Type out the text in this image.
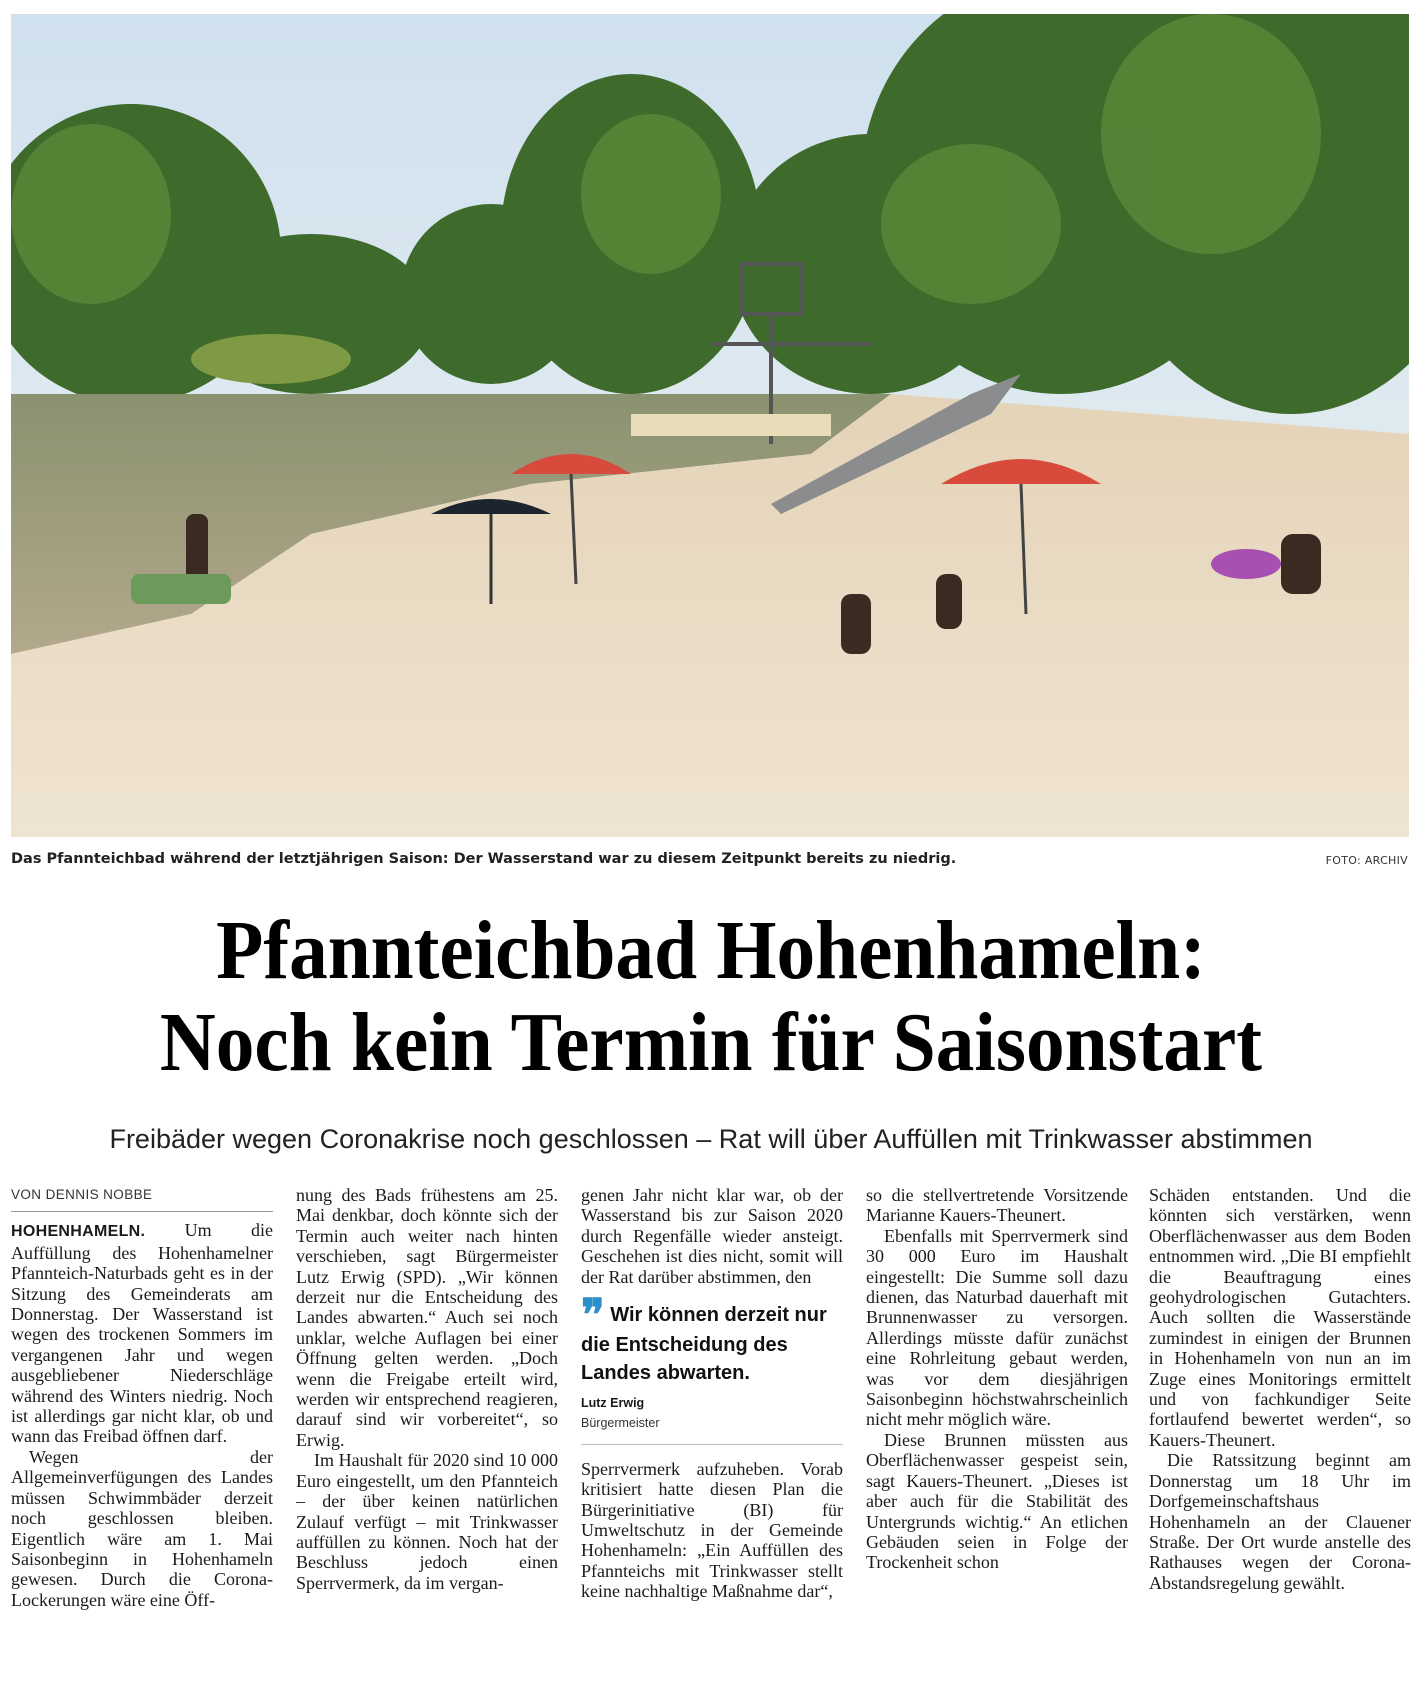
Das Pfannteichbad während der letztjährigen Saison: Der Wasserstand war zu diesem Zeitpunkt bereits zu niedrig.	FOTO: ARCHIV
Pfannteichbad Hohenhameln:
Noch kein Termin für Saisonstart
Freibäder wegen Coronakrise noch geschlossen – Rat will über Auffüllen mit Trinkwasser abstimmen
VON DENNIS NOBBE

HOHENHAMELN. Um die Auffüllung des Hohenhamelner Pfannteich-Naturbads geht es in der Sitzung des Gemeinderats am Donnerstag. Der Wasserstand ist wegen des trockenen Sommers im vergangenen Jahr und wegen ausgebliebener Niederschläge während des Winters niedrig. Noch ist allerdings gar nicht klar, ob und wann das Freibad öffnen darf.

Wegen der Allgemeinverfügungen des Landes müssen Schwimmbäder derzeit noch geschlossen bleiben. Eigentlich wäre am 1. Mai Saisonbeginn in Hohenhameln gewesen. Durch die Corona-Lockerungen wäre eine Öff-

nung des Bads frühestens am 25. Mai denkbar, doch könnte sich der Termin auch weiter nach hinten verschieben, sagt Bürgermeister Lutz Erwig (SPD). „Wir können derzeit nur die Entscheidung des Landes abwarten.“ Auch sei noch unklar, welche Auflagen bei einer Öffnung gelten werden. „Doch wenn die Freigabe erteilt wird, werden wir entsprechend reagieren, darauf sind wir vorbereitet“, so Erwig.

Im Haushalt für 2020 sind 10 000 Euro eingestellt, um den Pfannteich – der über keinen natürlichen Zulauf verfügt – mit Trinkwasser auffüllen zu können. Noch hat der Beschluss jedoch einen Sperrvermerk, da im vergan-

genen Jahr nicht klar war, ob der Wasserstand bis zur Saison 2020 durch Regenfälle wieder ansteigt. Geschehen ist dies nicht, somit will der Rat darüber abstimmen, den

❞ Wir können derzeit nur die Entscheidung des Landes abwarten.
Lutz Erwig
Bürgermeister

Sperrvermerk aufzuheben. Vorab kritisiert hatte diesen Plan die Bürgerinitiative (BI) für Umweltschutz in der Gemeinde Hohenhameln: „Ein Auffüllen des Pfannteichs mit Trinkwasser stellt keine nachhaltige Maßnahme dar“,

so die stellvertretende Vorsitzende Marianne Kauers-Theunert.

Ebenfalls mit Sperrvermerk sind 30 000 Euro im Haushalt eingestellt: Die Summe soll dazu dienen, das Naturbad dauerhaft mit Brunnenwasser zu versorgen. Allerdings müsste dafür zunächst eine Rohrleitung gebaut werden, was vor dem diesjährigen Saisonbeginn höchstwahrscheinlich nicht mehr möglich wäre.

Diese Brunnen müssten aus Oberflächenwasser gespeist sein, sagt Kauers-Theunert. „Dieses ist aber auch für die Stabilität des Untergrunds wichtig.“ An etlichen Gebäuden seien in Folge der Trockenheit schon

Schäden entstanden. Und die könnten sich verstärken, wenn Oberflächenwasser aus dem Boden entnommen wird. „Die BI empfiehlt die Beauftragung eines geohydrologischen Gutachters. Auch sollten die Wasserstände zumindest in einigen der Brunnen in Hohenhameln von nun an im Zuge eines Monitorings ermittelt und von fachkundiger Seite fortlaufend bewertet werden“, so Kauers-Theunert.

Die Ratssitzung beginnt am Donnerstag um 18 Uhr im Dorfgemeinschaftshaus Hohenhameln an der Clauener Straße. Der Ort wurde anstelle des Rathauses wegen der Corona-Abstandsregelung gewählt.
